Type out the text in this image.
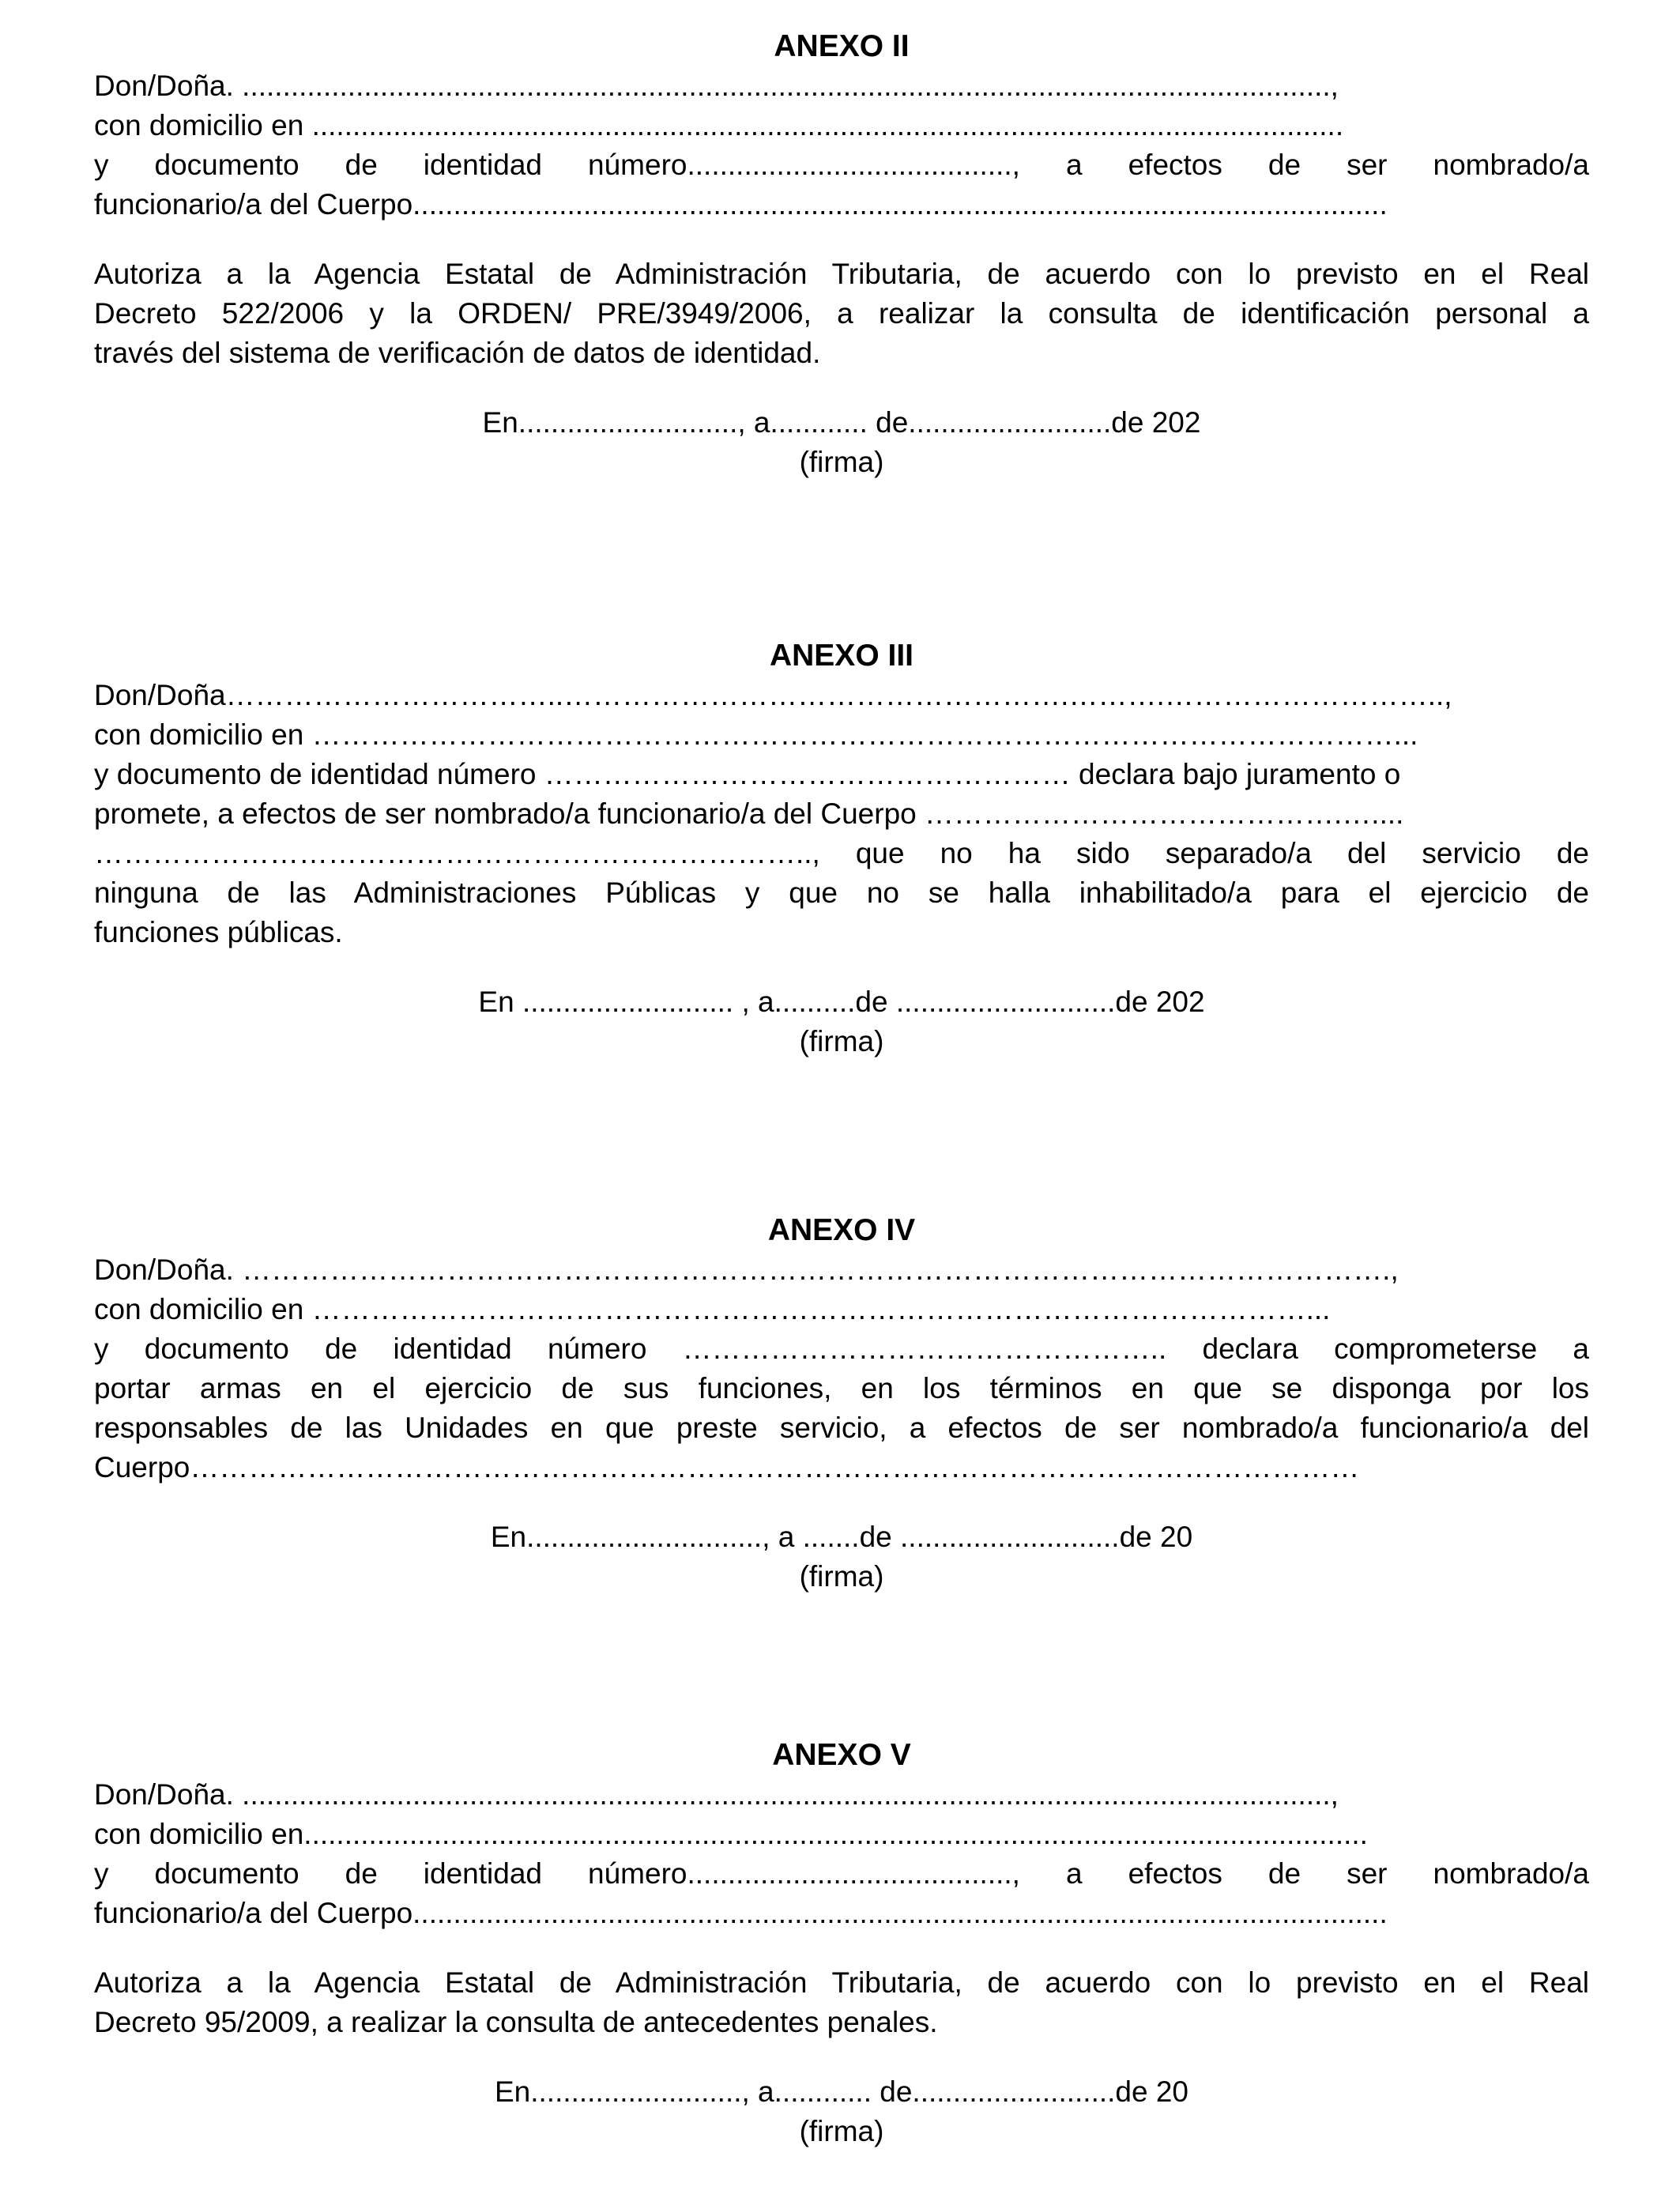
ANEXO II
Don/Doña. ......................................................................................................................................,
con domicilio en ...............................................................................................................................
y documento de identidad número........................................, a efectos de ser nombrado/a
funcionario/a del Cuerpo........................................................................................................................
Autoriza a la Agencia Estatal de Administración Tributaria, de acuerdo con lo previsto en el Real
Decreto 522/2006 y la ORDEN/ PRE/3949/2006, a realizar la consulta de identificación personal a
través del sistema de verificación de datos de identidad.
En..........................., a............ de.........................de 202
(firma)
ANEXO III
Don/Doña……………………………..…………………………………………….……….………………………..,
con domicilio en …………………………………………………………………………………………………...
y documento de identidad número ……………………………………………… declara bajo juramento o
promete, a efectos de ser nombrado/a funcionario/a del Cuerpo …………………………………….…....
……………………………………………………………….., que no ha sido separado/a del servicio de
ninguna de las Administraciones Públicas y que no se halla inhabilitado/a para el ejercicio de
funciones públicas.
En .......................... , a..........de ...........................de 202
(firma)
ANEXO IV
Don/Doña. ……………………………………………………………………………………………………….,
con domicilio en …………………………………………………………………………………………...
y documento de identidad número ………………………………………….. declara comprometerse a
portar armas en el ejercicio de sus funciones, en los términos en que se disponga por los
responsables de las Unidades en que preste servicio, a efectos de ser nombrado/a funcionario/a del
Cuerpo…………………………………………………………………………………………………………
En............................., a .......de ...........................de 20
(firma)
ANEXO V
Don/Doña. ......................................................................................................................................,
con domicilio en...................................................................................................................................
y documento de identidad número........................................, a efectos de ser nombrado/a
funcionario/a del Cuerpo........................................................................................................................
Autoriza a la Agencia Estatal de Administración Tributaria, de acuerdo con lo previsto en el Real
Decreto 95/2009, a realizar la consulta de antecedentes penales.
En.........................., a............ de.........................de 20
(firma)
